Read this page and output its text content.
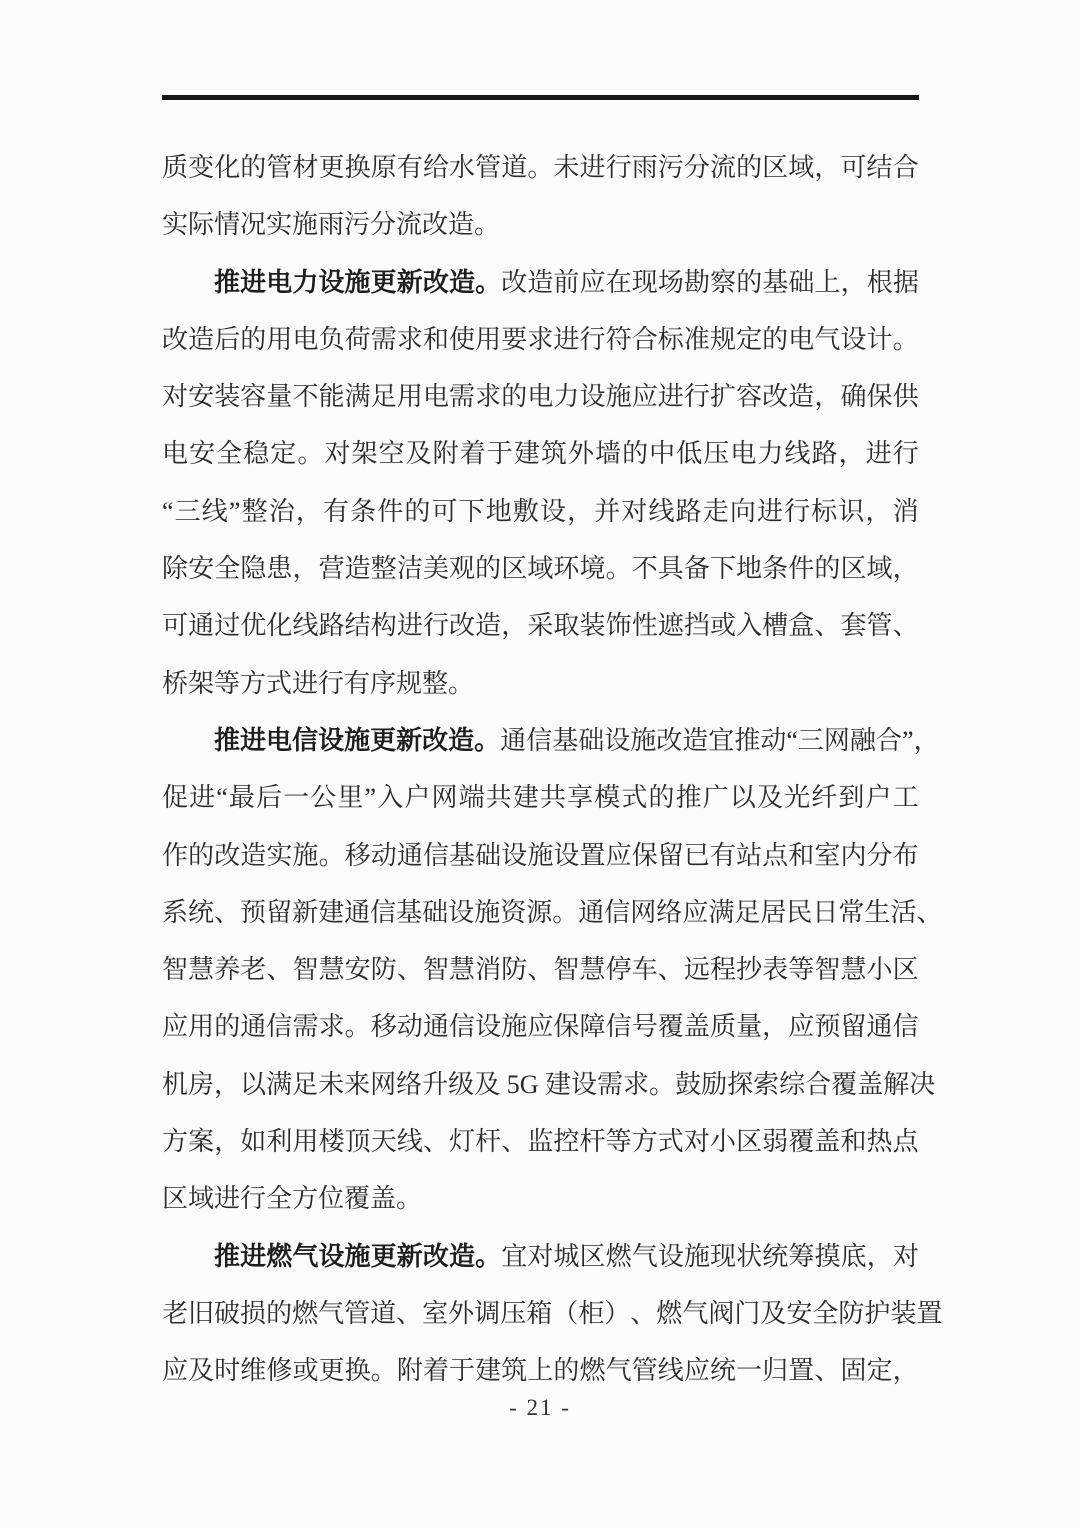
质 变 化 的 管 材 更 换 原 有 给 水 管 道 。 未 进 行 雨 污 分 流 的 区 域 ， 可 结 合
实际情况实施雨污分流改造。
推 进 电 力 设 施 更 新 改 造 。 改 造 前 应 在 现 场 勘 察 的 基 础 上 ， 根 据
改 造 后 的 用 电 负 荷 需 求 和 使 用 要 求 进 行 符 合 标 准 规 定 的 电 气 设 计 。
对 安 装 容 量 不 能 满 足 用 电 需 求 的 电 力 设 施 应 进 行 扩 容 改 造 ， 确 保 供
电 安 全 稳 定 。 对 架 空 及 附 着 于 建 筑 外 墙 的 中 低 压 电 力 线 路 ， 进 行
“ 三 线 ” 整 治 ， 有 条 件 的 可 下 地 敷 设 ， 并 对 线 路 走 向 进 行 标 识 ， 消
除 安 全 隐 患 ， 营 造 整 洁 美 观 的 区 域 环 境 。 不 具 备 下 地 条 件 的 区 域 ，
可 通 过 优 化 线 路 结 构 进 行 改 造 ， 采 取 装 饰 性 遮 挡 或 入 槽 盒 、 套 管 、
桥架等方式进行有序规整。
推 进 电 信 设 施 更 新 改 造 。 通 信 基 础 设 施 改 造 宜 推 动 “ 三 网 融 合 ” ，
促 进 “ 最 后 一 公 里 ” 入 户 网 端 共 建 共 享 模 式 的 推 广 以 及 光 纤 到 户 工
作 的 改 造 实 施 。 移 动 通 信 基 础 设 施 设 置 应 保 留 已 有 站 点 和 室 内 分 布
系 统 、 预 留 新 建 通 信 基 础 设 施 资 源 。 通 信 网 络 应 满 足 居 民 日 常 生 活 、
智 慧 养 老 、 智 慧 安 防 、 智 慧 消 防 、 智 慧 停 车 、 远 程 抄 表 等 智 慧 小 区
应 用 的 通 信 需 求 。 移 动 通 信 设 施 应 保 障 信 号 覆 盖 质 量 ， 应 预 留 通 信
机 房 ， 以 满 足 未 来 网 络 升 级 及
5 G
建 设 需 求 。 鼓 励 探 索 综 合 覆 盖 解 决
方 案 ， 如 利 用 楼 顶 天 线 、 灯 杆 、 监 控 杆 等 方 式 对 小 区 弱 覆 盖 和 热 点
区域进行全方位覆盖。
推 进 燃 气 设 施 更 新 改 造 。 宜 对 城 区 燃 气 设 施 现 状 统 筹 摸 底 ， 对
老 旧 破 损 的 燃 气 管 道 、 室 外 调 压 箱 （ 柜 ） 、 燃 气 阀 门 及 安 全 防 护 装 置
应 及 时 维 修 或 更 换 。 附 着 于 建 筑 上 的 燃 气 管 线 应 统 一 归 置 、 固 定 ，
- 21 -
